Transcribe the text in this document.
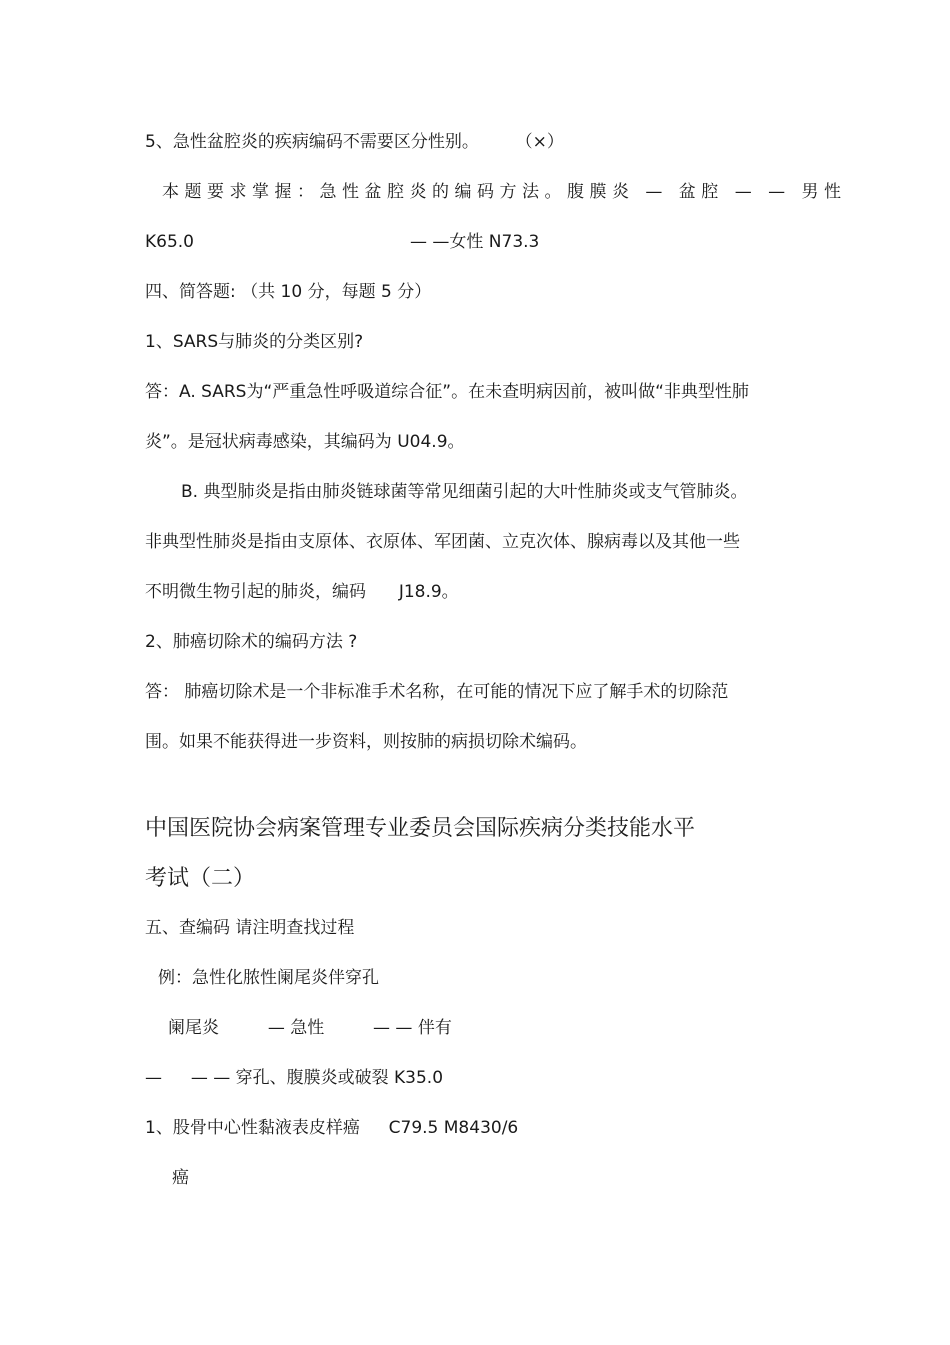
5、急性盆腔炎的疾病编码不需要区分性别。 （×）
本题要求掌握：急性盆腔炎的编码方法。腹膜炎 — 盆腔 — — 男性
K65.0	— —女性 N73.3
四、简答题: （共 10 分，每题 5 分）
1、SARS与肺炎的分类区别?
答：A. SARS为“严重急性呼吸道综合征”。在未查明病因前，被叫做“非典型性肺
炎”。是冠状病毒感染，其编码为 U04.9。
B. 典型肺炎是指由肺炎链球菌等常见细菌引起的大叶性肺炎或支气管肺炎。
非典型性肺炎是指由支原体、衣原体、军团菌、立克次体、腺病毒以及其他一些
不明微生物引起的肺炎，编码 J18.9。
2、肺癌切除术的编码方法 ?
答： 肺癌切除术是一个非标准手术名称，在可能的情况下应了解手术的切除范
围。如果不能获得进一步资料，则按肺的病损切除术编码。
中国医院协会病案管理专业委员会国际疾病分类技能水平
考试（二）
五、查编码 请注明查找过程
例：急性化脓性阑尾炎伴穿孔
阑尾炎	— 急性	— — 伴有
— — — 穿孔、腹膜炎或破裂 K35.0
1、股骨中心性黏液表皮样癌 C79.5 M8430/6
癌
